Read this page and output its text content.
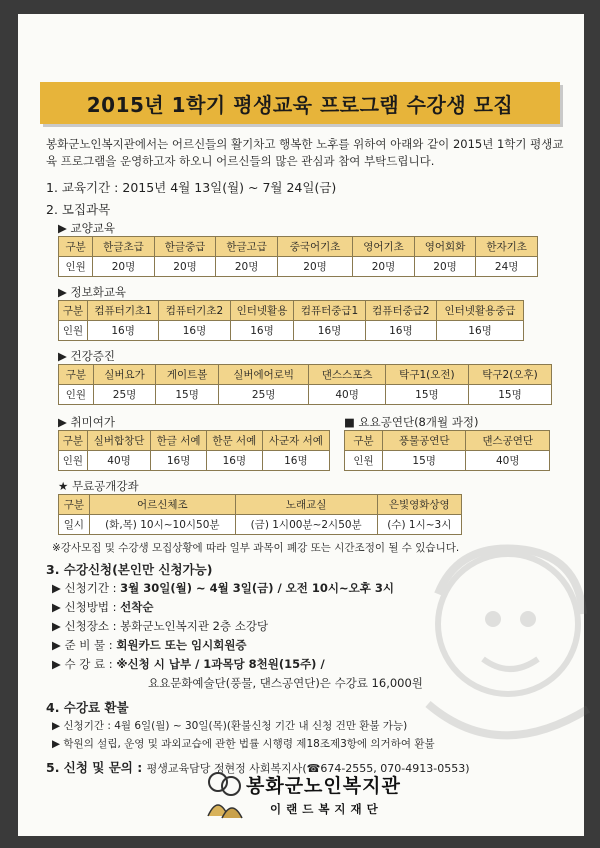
2015년 1학기 평생교육 프로그램 수강생 모집
봉화군노인복지관에서는 어르신들의 활기차고 행복한 노후를 위하여 아래와 같이 2015년 1학기 평생교육 프로그램을 운영하고자 하오니 어르신들의 많은 관심과 참여 부탁드립니다.
1. 교육기간 : 2015년 4월 13일(월) ~ 7월 24일(금)
2. 모집과목
▶ 교양교육
구분	한글초급	한글중급	한글고급	중국어기초	영어기초	영어회화	한자기초
인원	20명	20명	20명	20명	20명	20명	24명
▶ 정보화교육
구분	컴퓨터기초1	컴퓨터기초2	인터넷활용	컴퓨터중급1	컴퓨터중급2	인터넷활용중급
인원	16명	16명	16명	16명	16명	16명
▶ 건강증진
구분	실버요가	게이트볼	실버에어로빅	댄스스포츠	탁구1(오전)	탁구2(오후)
인원	25명	15명	25명	40명	15명	15명
▶ 취미여가
구분	실버합창단	한글 서예	한문 서예	사군자 서예
인원	40명	16명	16명	16명
■ 요요공연단(8개월 과정)
구분	풍물공연단	댄스공연단
인원	15명	40명
★ 무료공개강좌
구분	어르신체조	노래교실	은빛영화상영
일시	(화,목) 10시~10시50분	(금) 1시00분~2시50분	(수) 1시~3시
※강사모집 및 수강생 모집상황에 따라 일부 과목이 폐강 또는 시간조정이 될 수 있습니다.
3. 수강신청(본인만 신청가능)
▶ 신청기간 : 3월 30일(월) ~ 4월 3일(금) / 오전 10시~오후 3시
▶ 신청방법 : 선착순
▶ 신청장소 : 봉화군노인복지관 2층 소강당
▶ 준 비 물 : 회원카드 또는 임시회원증
▶ 수 강 료 : ※신청 시 납부 / 1과목당 8천원(15주) /
요요문화예술단(풍물, 댄스공연단)은 수강료 16,000원
4. 수강료 환불
▶ 신청기간 : 4월 6일(월) ~ 30일(목)(환불신청 기간 내 신청 건만 환불 가능)
▶ 학원의 설립, 운영 및 과외교습에 관한 법률 시행령 제18조제3항에 의거하여 환불
5. 신청 및 문의 : 평생교육담당 정현정 사회복지사(☎674-2555, 070-4913-0553)
봉화군노인복지관
이랜드복지재단
